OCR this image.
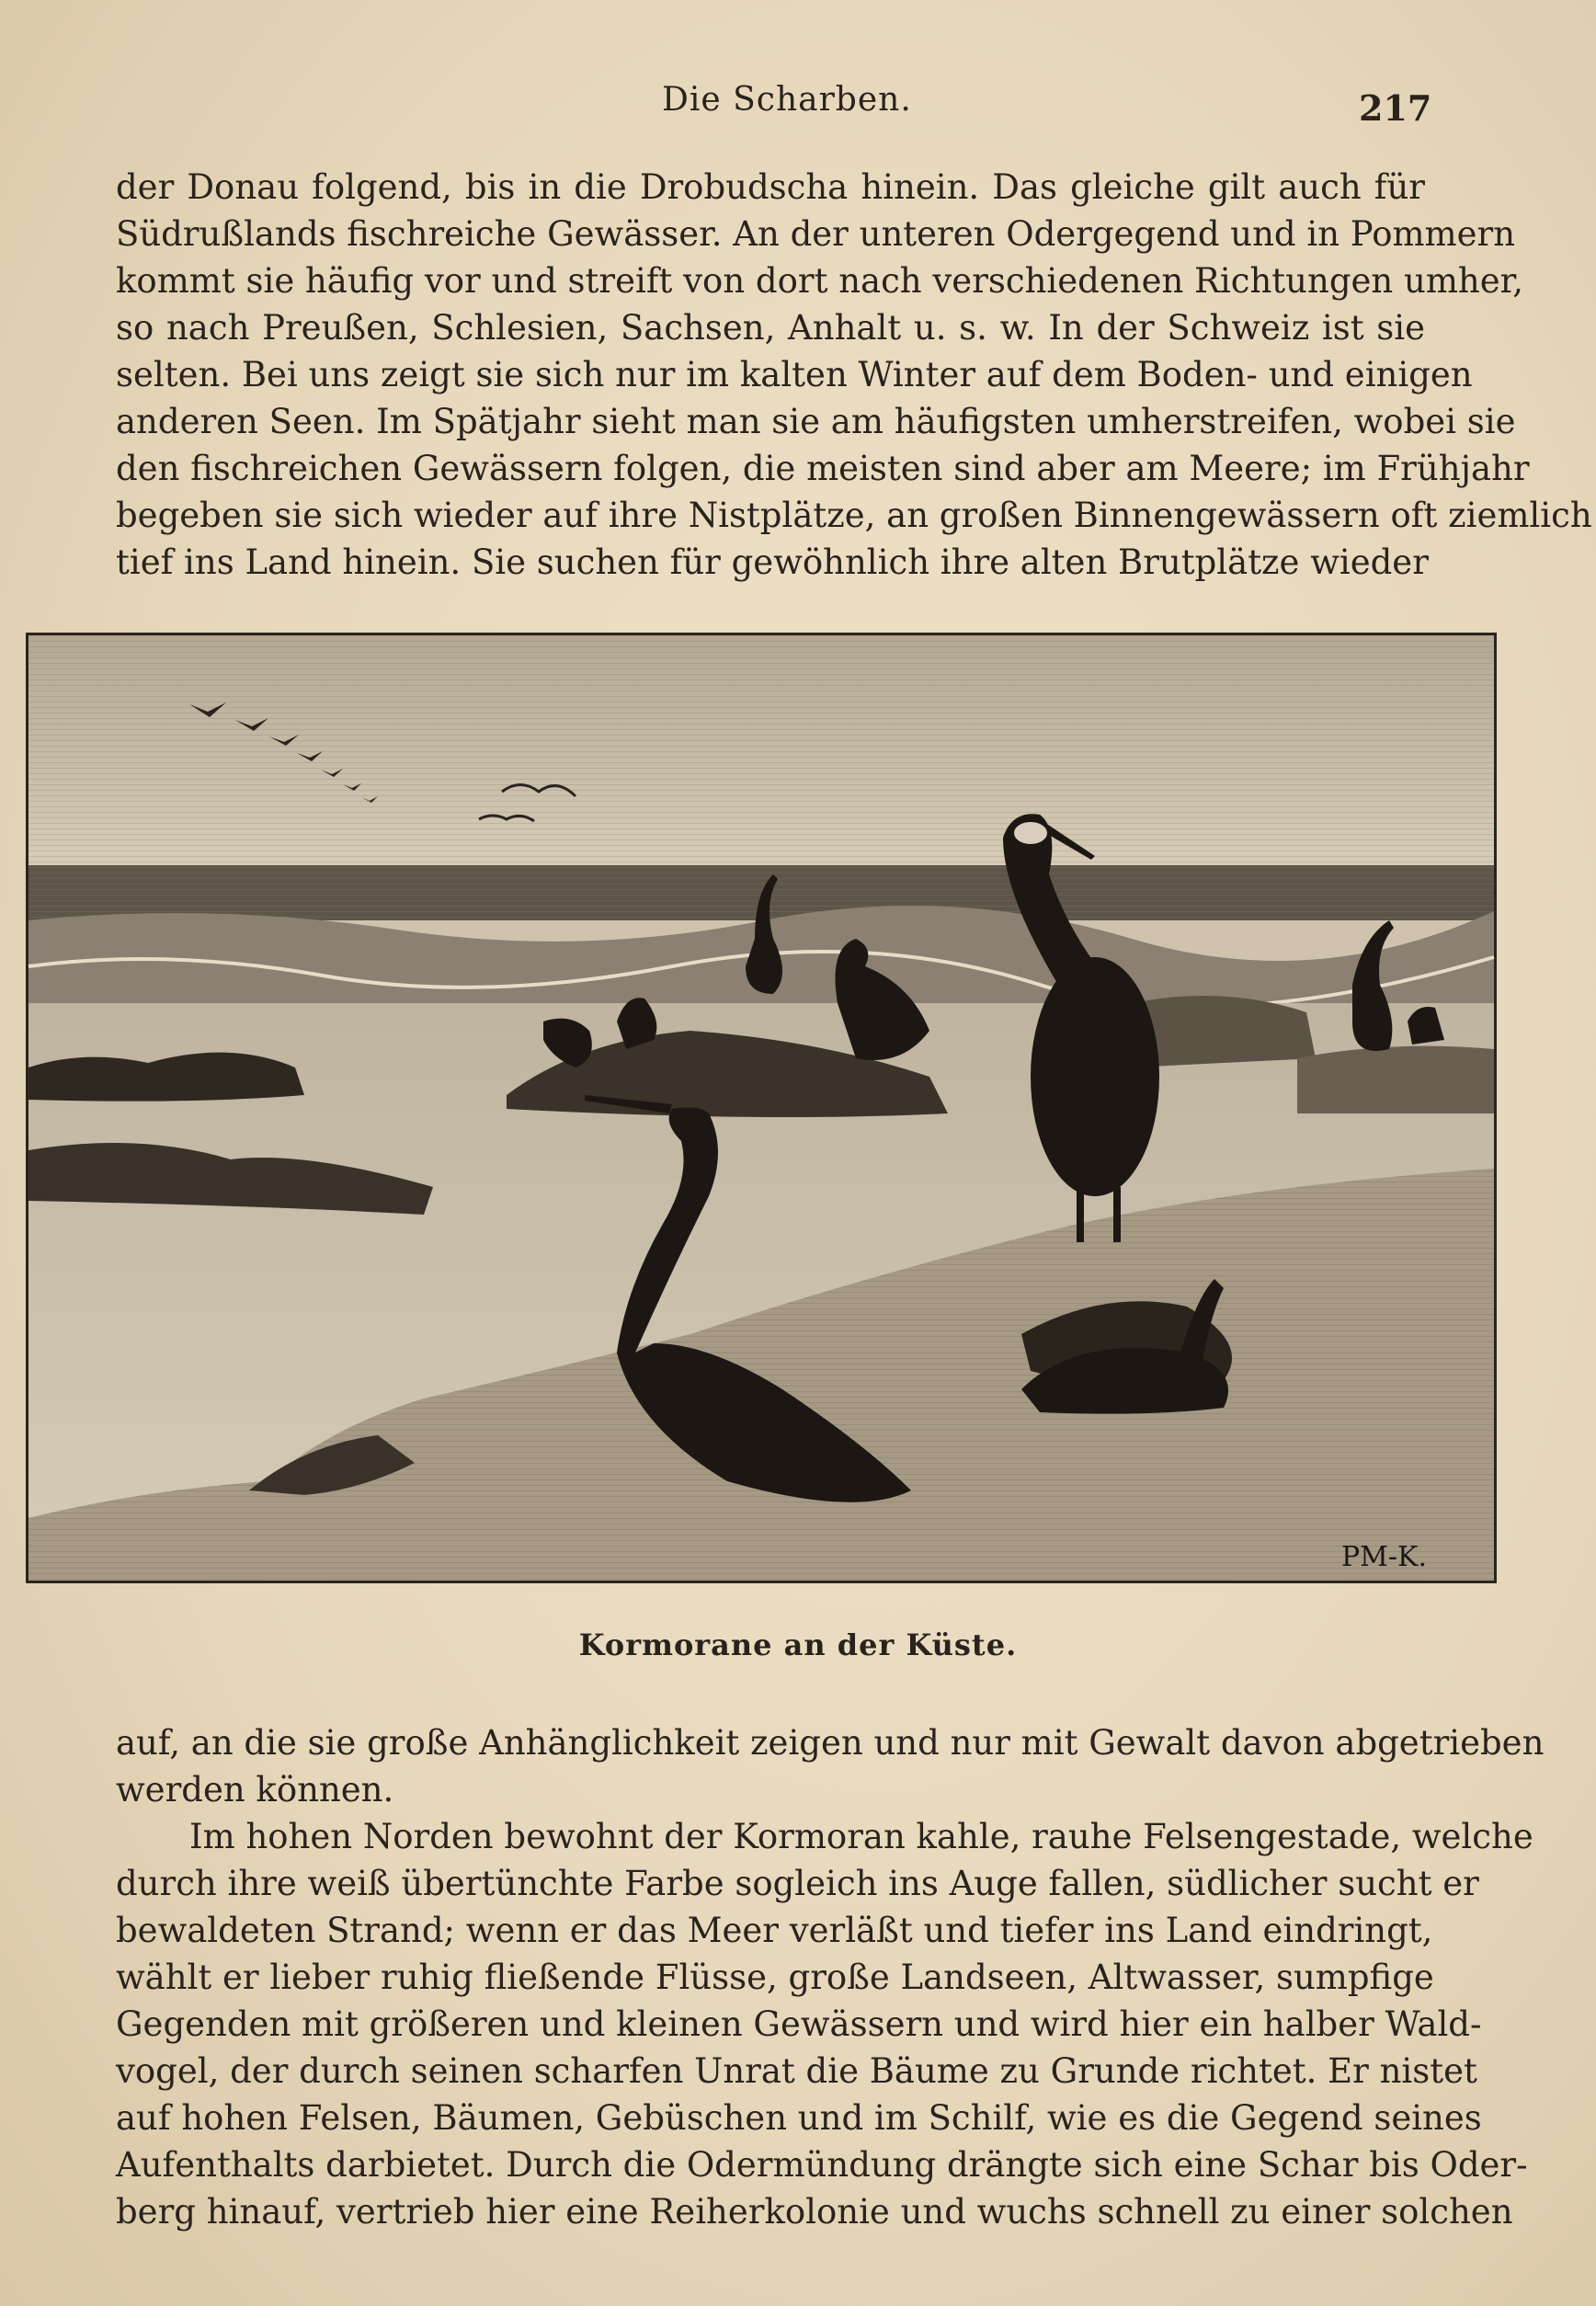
Die Scharben.	217
der Donau folgend, bis in die Drobudscha hinein. Das gleiche gilt auch für
Südrußlands fischreiche Gewässer. An der unteren Odergegend und in Pommern
kommt sie häufig vor und streift von dort nach verschiedenen Richtungen umher,
so nach Preußen, Schlesien, Sachsen, Anhalt u. s. w. In der Schweiz ist sie
selten. Bei uns zeigt sie sich nur im kalten Winter auf dem Boden- und einigen
anderen Seen. Im Spätjahr sieht man sie am häufigsten umherstreifen, wobei sie
den fischreichen Gewässern folgen, die meisten sind aber am Meere; im Frühjahr
begeben sie sich wieder auf ihre Nistplätze, an großen Binnengewässern oft ziemlich
tief ins Land hinein. Sie suchen für gewöhnlich ihre alten Brutplätze wieder
PM-K.
Kormorane an der Küste.
auf, an die sie große Anhänglichkeit zeigen und nur mit Gewalt davon abgetrieben
werden können.
Im hohen Norden bewohnt der Kormoran kahle, rauhe Felsengestade, welche
durch ihre weiß übertünchte Farbe sogleich ins Auge fallen, südlicher sucht er
bewaldeten Strand; wenn er das Meer verläßt und tiefer ins Land eindringt,
wählt er lieber ruhig fließende Flüsse, große Landseen, Altwasser, sumpfige
Gegenden mit größeren und kleinen Gewässern und wird hier ein halber Wald-
vogel, der durch seinen scharfen Unrat die Bäume zu Grunde richtet. Er nistet
auf hohen Felsen, Bäumen, Gebüschen und im Schilf, wie es die Gegend seines
Aufenthalts darbietet. Durch die Odermündung drängte sich eine Schar bis Oder-
berg hinauf, vertrieb hier eine Reiherkolonie und wuchs schnell zu einer solchen
